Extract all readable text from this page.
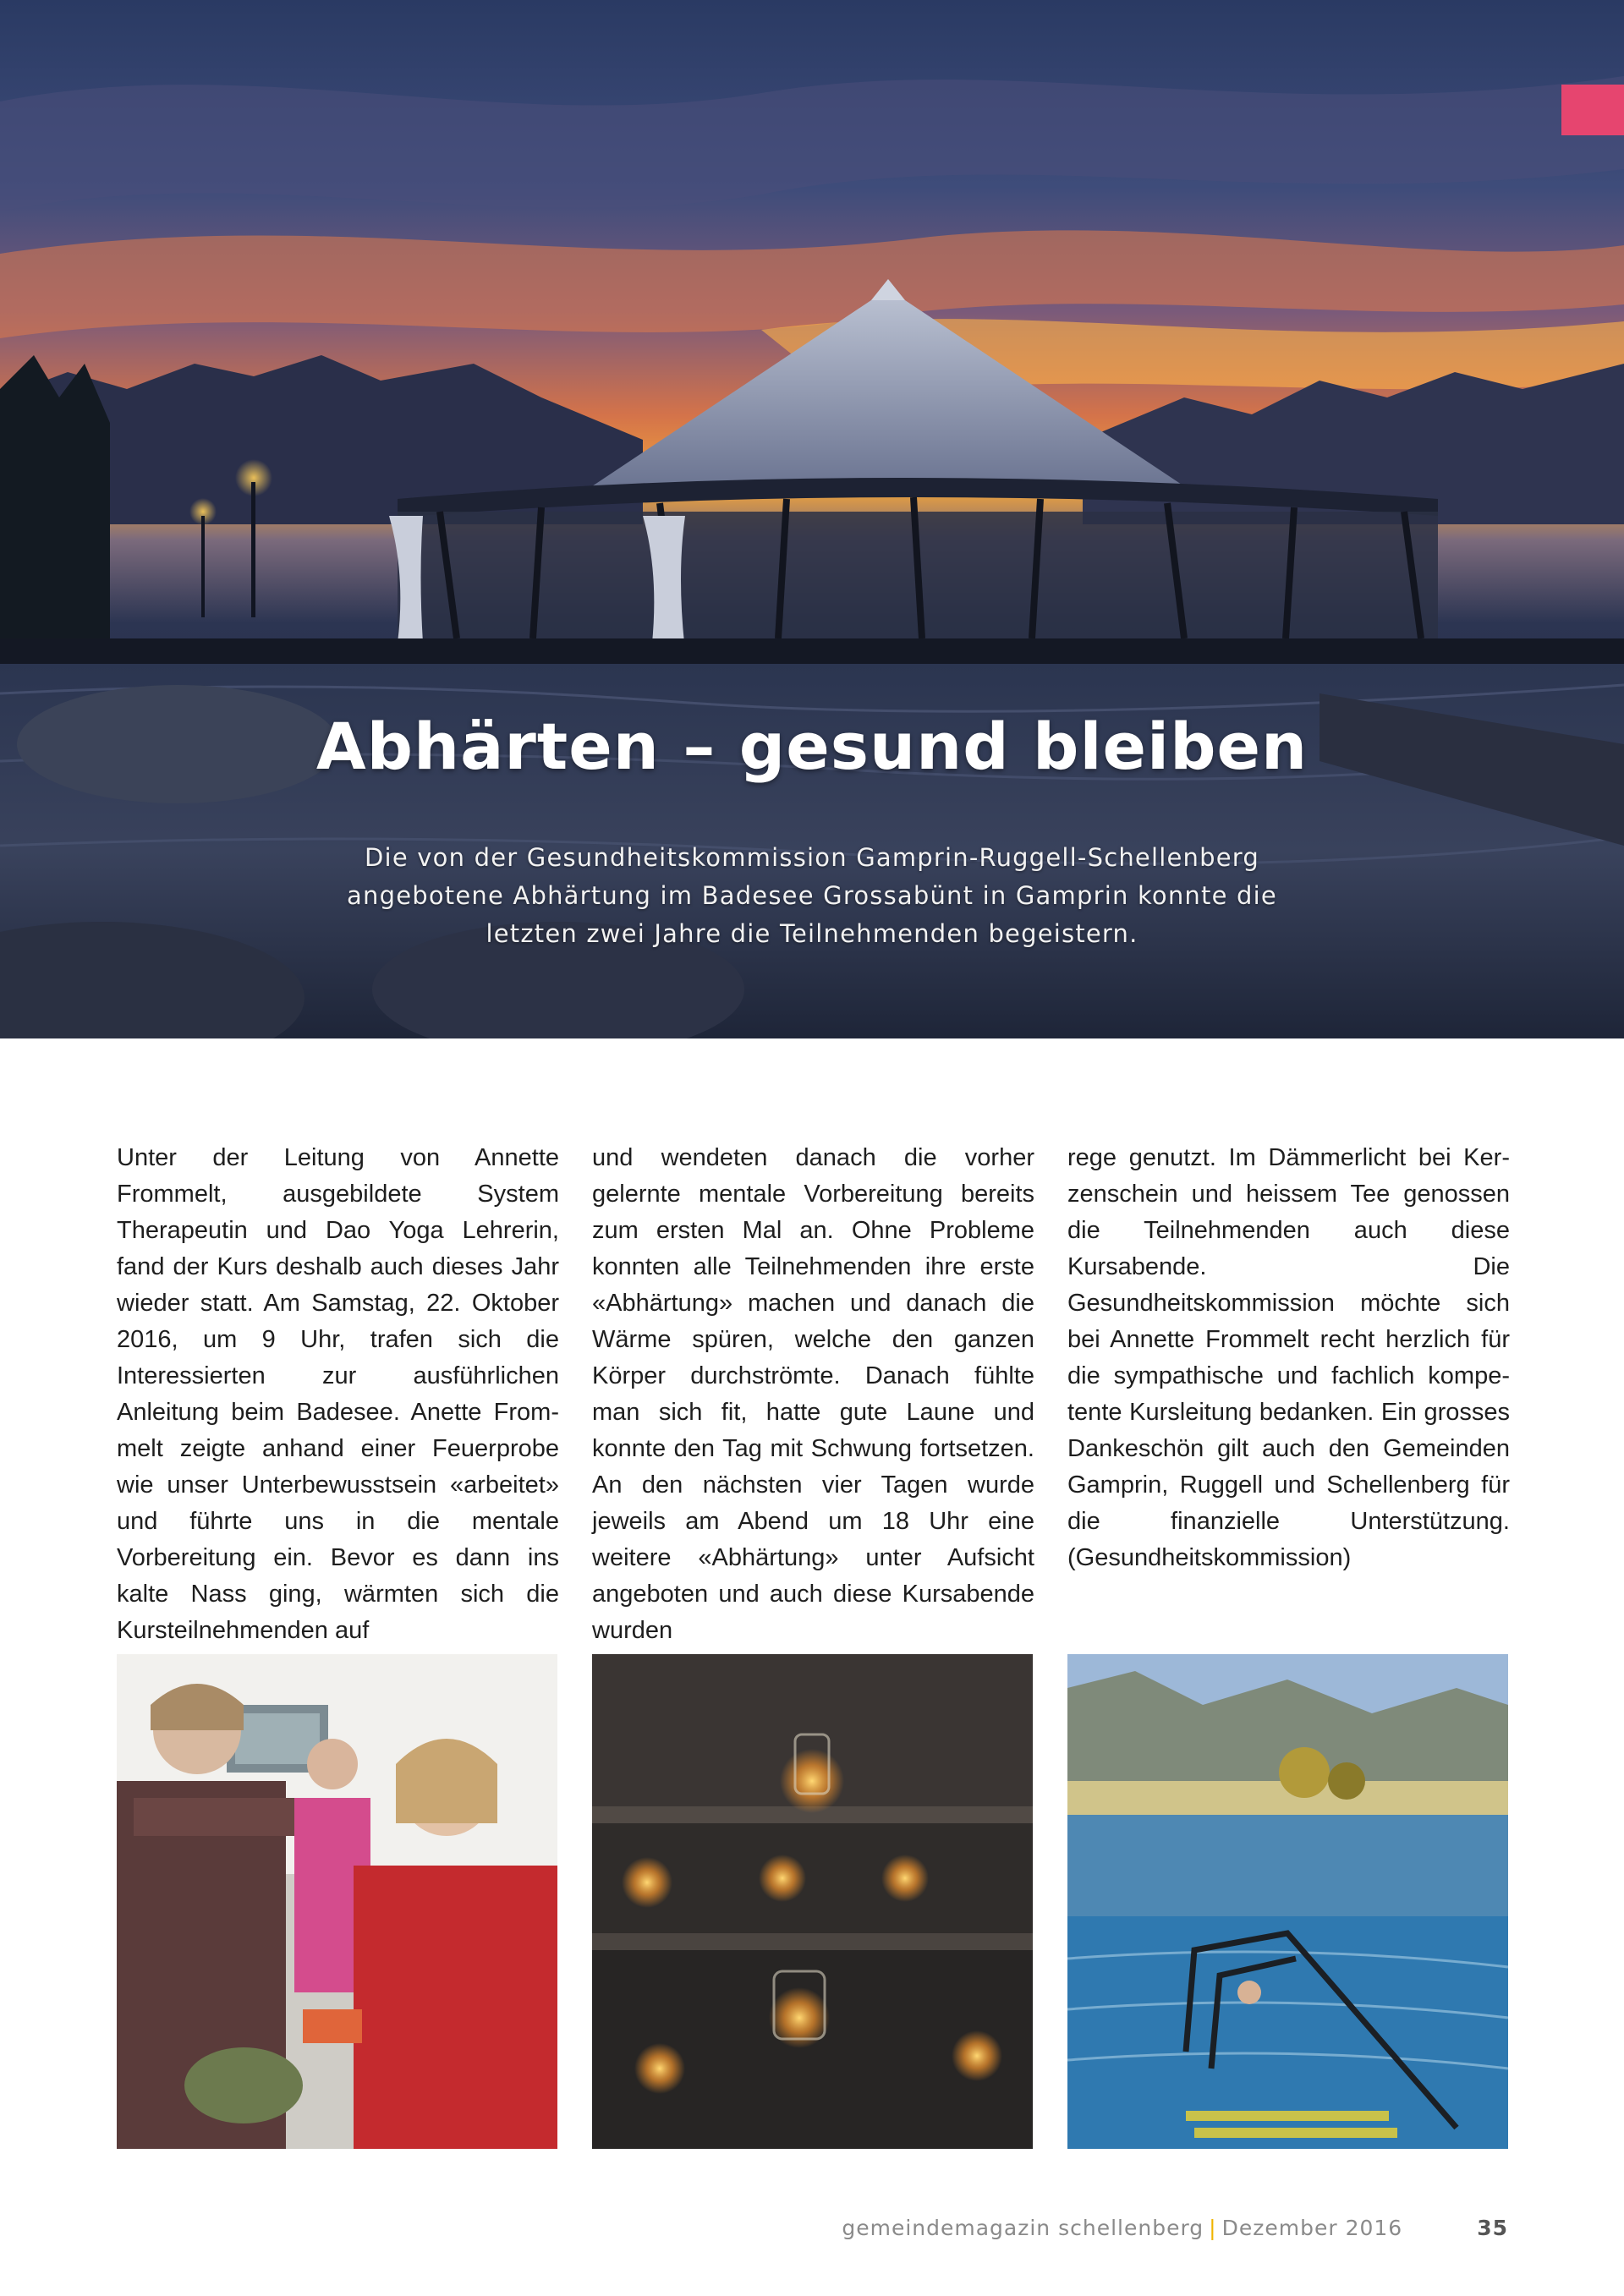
Abhärten – gesund bleiben

Die von der Gesundheitskommission Gamprin-Ruggell-Schellenberg angebotene Abhärtung im Badesee Grossabünt in Gamprin konnte die letzten zwei Jahre die Teilnehmenden begeistern.

Unter der Leitung von Annette Frommelt, ausgebildete System Therapeutin und Dao Yoga Lehrerin, fand der Kurs deshalb auch dieses Jahr wieder statt. Am Samstag, 22. Oktober 2016, um 9 Uhr, trafen sich die Interessierten zur ausführlichen Anleitung beim Badesee. Anette Frommelt zeigte anhand einer Feuerprobe wie unser Unterbewusstsein «arbeitet» und führte uns in die mentale Vorbereitung ein. Bevor es dann ins kalte Nass ging, wärmten sich die Kursteilnehmenden auf

und wendeten danach die vorher gelernte mentale Vorbereitung bereits zum ersten Mal an. Ohne Probleme konnten alle Teilnehmenden ihre erste «Abhärtung» machen und danach die Wärme spüren, welche den ganzen Körper durchströmte. Danach fühlte man sich fit, hatte gute Laune und konnte den Tag mit Schwung fortsetzen. An den nächsten vier Tagen wurde jeweils am Abend um 18 Uhr eine weitere «Abhärtung» unter Aufsicht angeboten und auch diese Kursabende wurden

rege genutzt. Im Dämmerlicht bei Kerzenschein und heissem Tee genossen die Teilnehmenden auch diese Kursabende. Die Gesundheitskommission möchte sich bei Annette Frommelt recht herzlich für die sympathische und fachlich kompetente Kursleitung bedanken. Ein grosses Dankeschön gilt auch den Gemeinden Gamprin, Ruggell und Schellenberg für die finanzielle Unterstützung. (Gesundheitskommission)

gemeindemagazin schellenberg | Dezember 2016	35
